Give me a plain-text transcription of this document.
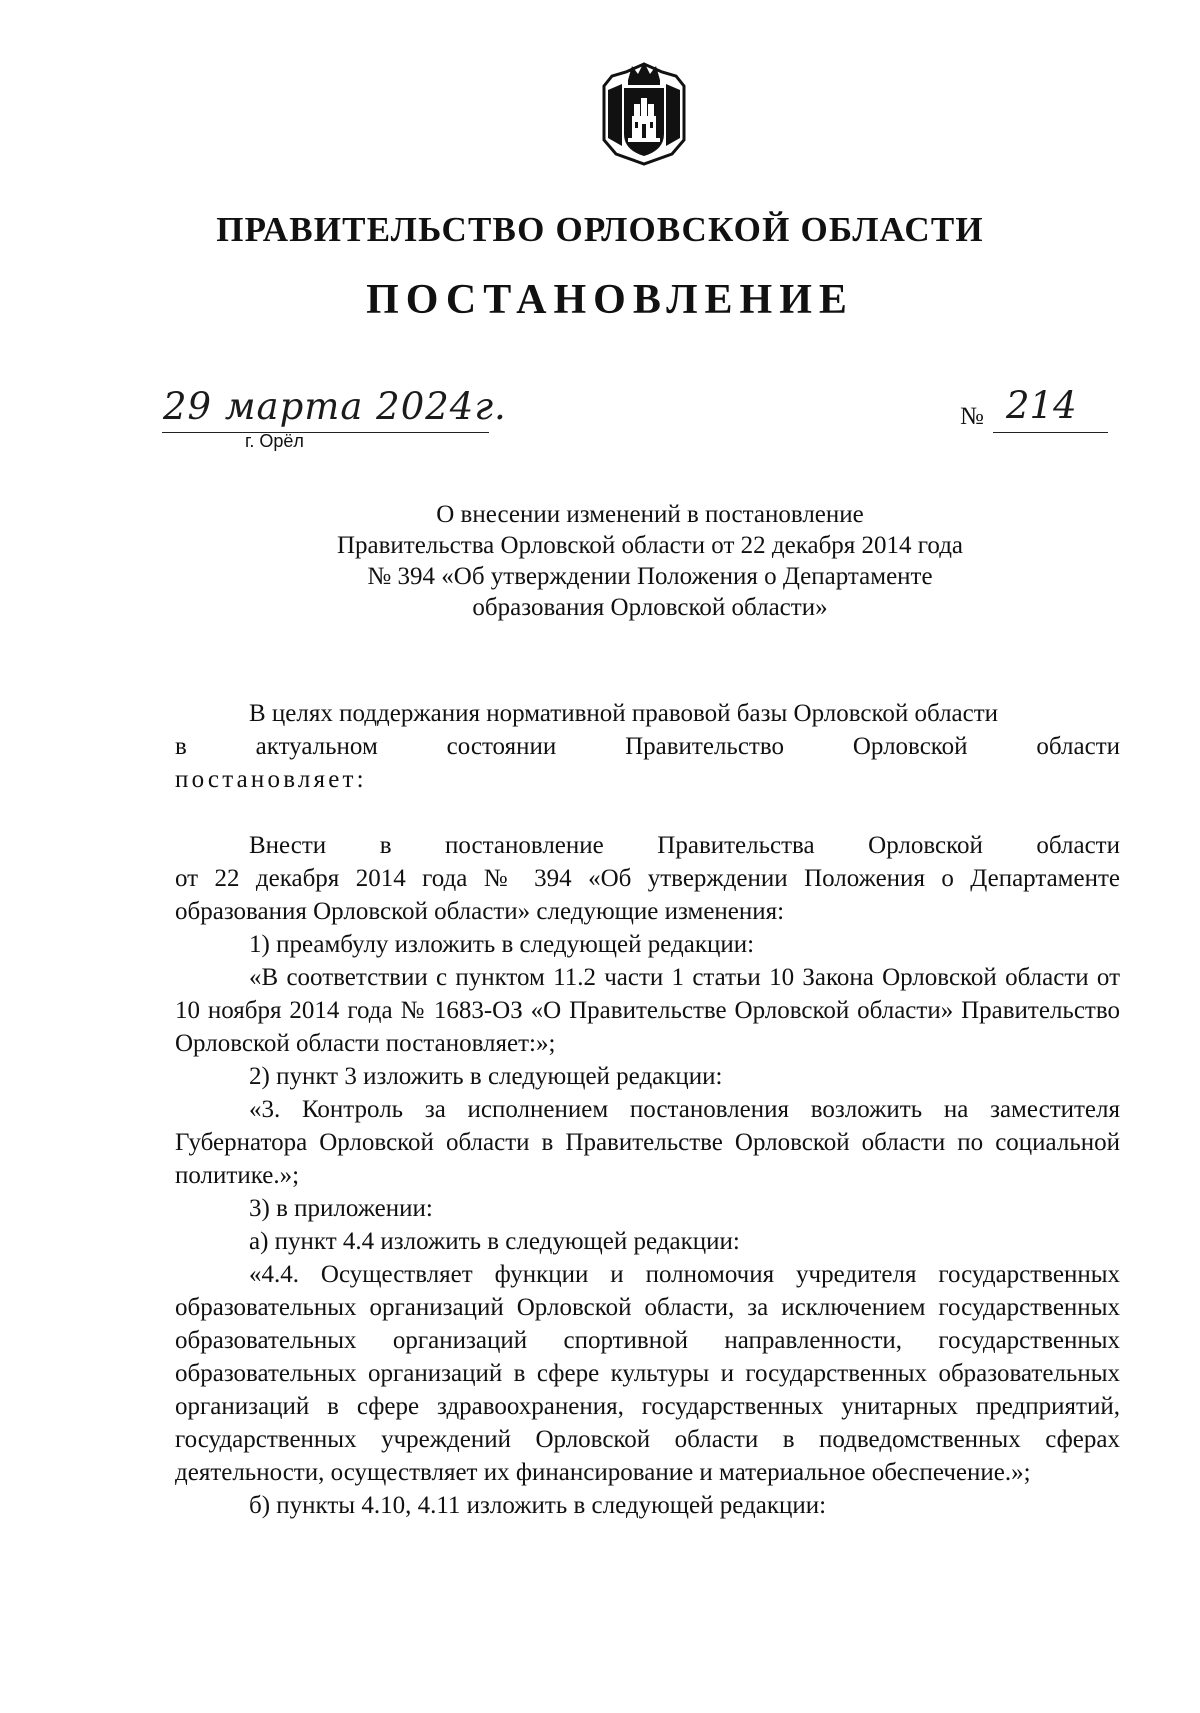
ПРАВИТЕЛЬСТВО ОРЛОВСКОЙ ОБЛАСТИ
ПОСТАНОВЛЕНИЕ
29 марта 2024г.
г. Орёл
№ 214
О внесении изменений в постановление
Правительства Орловской области от 22 декабря 2014 года
№ 394 «Об утверждении Положения о Департаменте
образования Орловской области»

В целях поддержания нормативной правовой базы Орловской области

в актуальном состоянии Правительство Орловской области

постановляет:

Внести в постановление Правительства Орловской области

от 22 декабря 2014 года № 394 «Об утверждении Положения о Департаменте образования Орловской области» следующие изменения:

1) преамбулу изложить в следующей редакции:

«В соответствии с пунктом 11.2 части 1 статьи 10 Закона Орловской области от 10 ноября 2014 года № 1683-ОЗ «О Правительстве Орловской области» Правительство Орловской области постановляет:»;

2) пункт 3 изложить в следующей редакции:

«3. Контроль за исполнением постановления возложить на заместителя Губернатора Орловской области в Правительстве Орловской области по социальной политике.»;

3) в приложении:

а) пункт 4.4 изложить в следующей редакции:

«4.4. Осуществляет функции и полномочия учредителя государственных образовательных организаций Орловской области, за исключением государственных образовательных организаций спортивной направленности, государственных образовательных организаций в сфере культуры и государственных образовательных организаций в сфере здравоохранения, государственных унитарных предприятий, государственных учреждений Орловской области в подведомственных сферах деятельности, осуществляет их финансирование и материальное обеспечение.»;

б) пункты 4.10, 4.11 изложить в следующей редакции:
